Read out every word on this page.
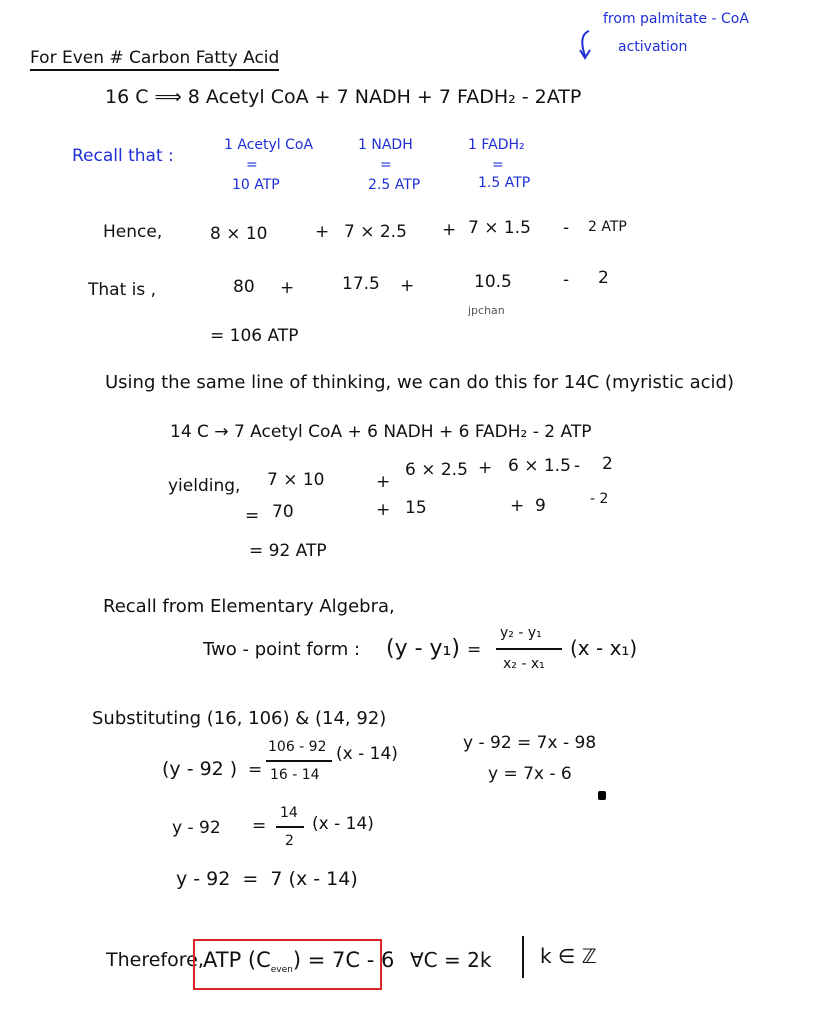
For Even # Carbon Fatty Acid
from palmitate - CoA
activation
16 C ⟹ 8 Acetyl CoA + 7 NADH + 7 FADH₂ - 2ATP
Recall that :
1 Acetyl CoA
=
10 ATP
1 NADH
=
2.5 ATP
1 FADH₂
=
1.5 ATP
Hence,	8 × 10	+ 7 × 2.5 + 7 × 1.5 - 2 ATP
That is ,	80 +	17.5 +	10.5	- 2
jpchan
= 106 ATP
Using the same line of thinking, we can do this for 14C (myristic acid)
14 C → 7 Acetyl CoA + 6 NADH + 6 FADH₂ - 2 ATP
yielding, 7 × 10	+
6 × 2.5 + 6 × 1.5 - 2
= 70	+ 15	+ 9	- 2
= 92 ATP
Recall from Elementary Algebra,
Two - point form : (y - y₁) =
y₂ - y₁
x₂ - x₁
(x - x₁)
Substituting (16, 106) & (14, 92)
(y - 92 ) =
106 - 92
16 - 14
(x - 14)
y - 92 =
14
2
(x - 14)
y - 92  =  7 (x - 14)
y - 92 = 7x - 98
y = 7x - 6
Therefore, ATP $(C_{even}) = 7C - 6$ ∀C = 2k k ∈ ℤ
